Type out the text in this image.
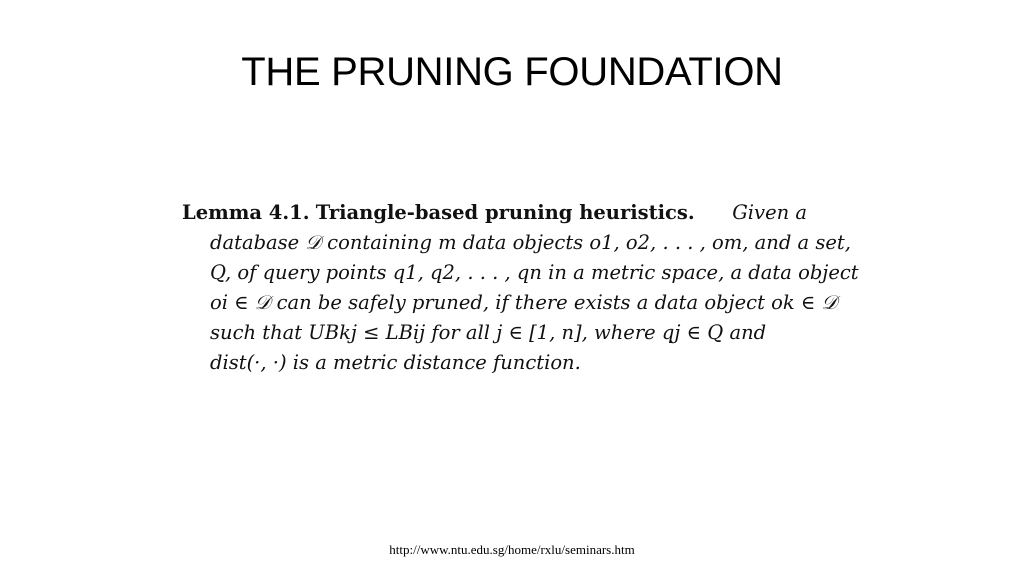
THE PRUNING FOUNDATION
Lemma 4.1. Triangle-based pruning heuristics. Given a
database 𝒟 containing m data objects o1, o2, . . . , om, and a set,
Q, of query points q1, q2, . . . , qn in a metric space, a data object
oi ∈ 𝒟 can be safely pruned, if there exists a data object ok ∈ 𝒟
such that UBkj ≤ LBij for all j ∈ [1, n], where qj ∈ Q and
dist(·, ·) is a metric distance function.
http://www.ntu.edu.sg/home/rxlu/seminars.htm
